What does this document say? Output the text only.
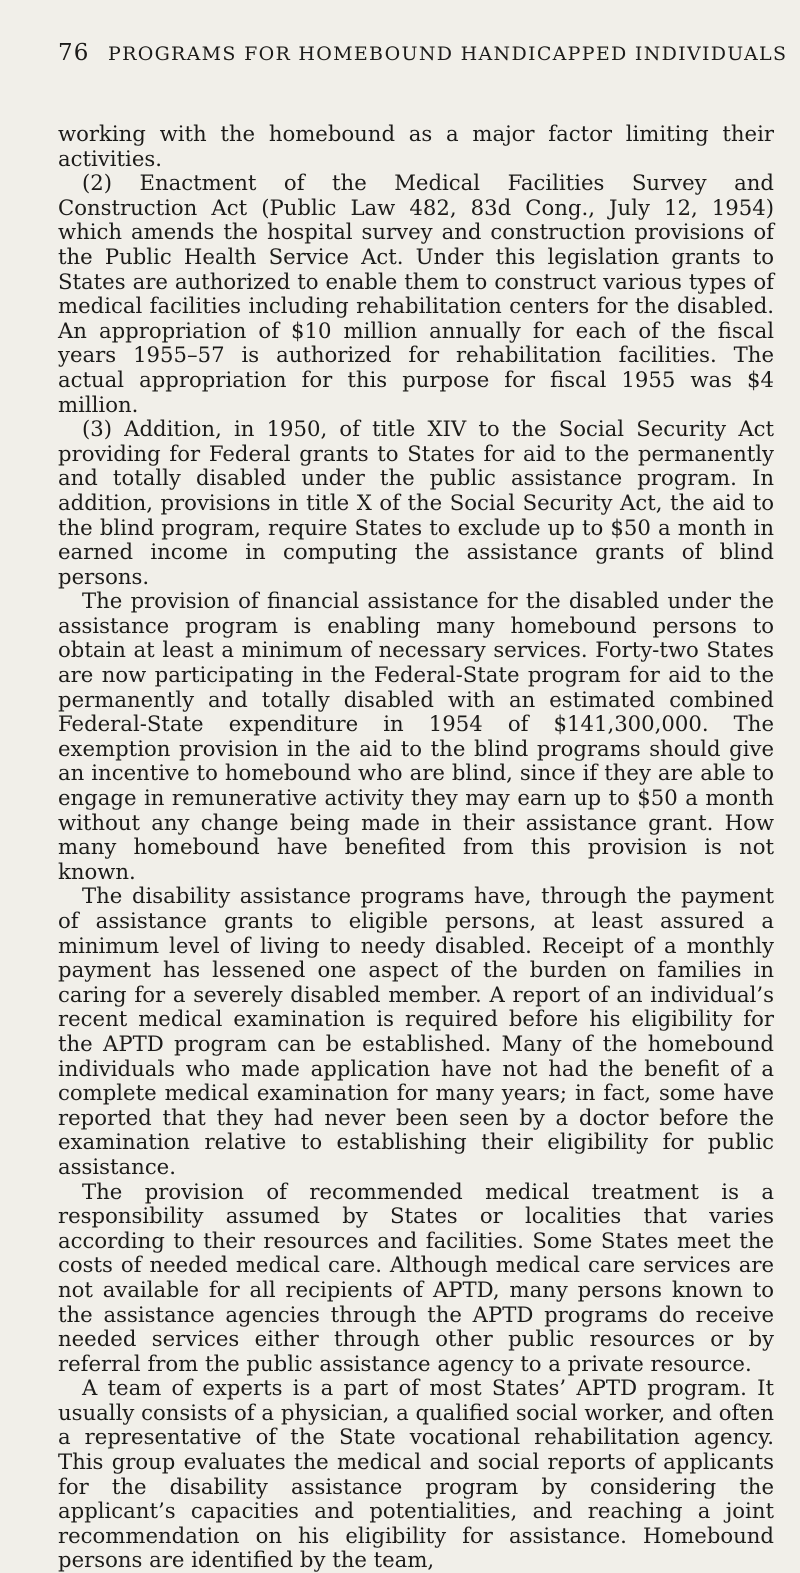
76 PROGRAMS FOR HOMEBOUND HANDICAPPED INDIVIDUALS

working with the homebound as a major factor limiting their activities.

(2) Enactment of the Medical Facilities Survey and Construction Act (Public Law 482, 83d Cong., July 12, 1954) which amends the hospital survey and construction provisions of the Public Health Service Act. Under this legislation grants to States are authorized to enable them to construct various types of medical facilities including rehabilitation centers for the disabled. An appropriation of $10 million annually for each of the fiscal years 1955–57 is authorized for rehabilitation facilities. The actual appropriation for this purpose for fiscal 1955 was $4 million.

(3) Addition, in 1950, of title XIV to the Social Security Act providing for Federal grants to States for aid to the permanently and totally disabled under the public assistance program. In addition, provisions in title X of the Social Security Act, the aid to the blind program, require States to exclude up to $50 a month in earned income in computing the assistance grants of blind persons.

The provision of financial assistance for the disabled under the assistance program is enabling many homebound persons to obtain at least a minimum of necessary services. Forty-two States are now participating in the Federal-State program for aid to the permanently and totally disabled with an estimated combined Federal-State expenditure in 1954 of $141,300,000. The exemption provision in the aid to the blind programs should give an incentive to homebound who are blind, since if they are able to engage in remunerative activity they may earn up to $50 a month without any change being made in their assistance grant. How many homebound have benefited from this provision is not known.

The disability assistance programs have, through the payment of assistance grants to eligible persons, at least assured a minimum level of living to needy disabled. Receipt of a monthly payment has lessened one aspect of the burden on families in caring for a severely disabled member. A report of an individual’s recent medical examination is required before his eligibility for the APTD program can be established. Many of the homebound individuals who made application have not had the benefit of a complete medical examination for many years; in fact, some have reported that they had never been seen by a doctor before the examination relative to establishing their eligibility for public assistance.

The provision of recommended medical treatment is a responsibility assumed by States or localities that varies according to their resources and facilities. Some States meet the costs of needed medical care. Although medical care services are not available for all recipients of APTD, many persons known to the assistance agencies through the APTD programs do receive needed services either through other public resources or by referral from the public assistance agency to a private resource.

A team of experts is a part of most States’ APTD program. It usually consists of a physician, a qualified social worker, and often a representative of the State vocational rehabilitation agency. This group evaluates the medical and social reports of applicants for the disability assistance program by considering the applicant’s capacities and potentialities, and reaching a joint recommendation on his eligibility for assistance. Homebound persons are identified by the team,
